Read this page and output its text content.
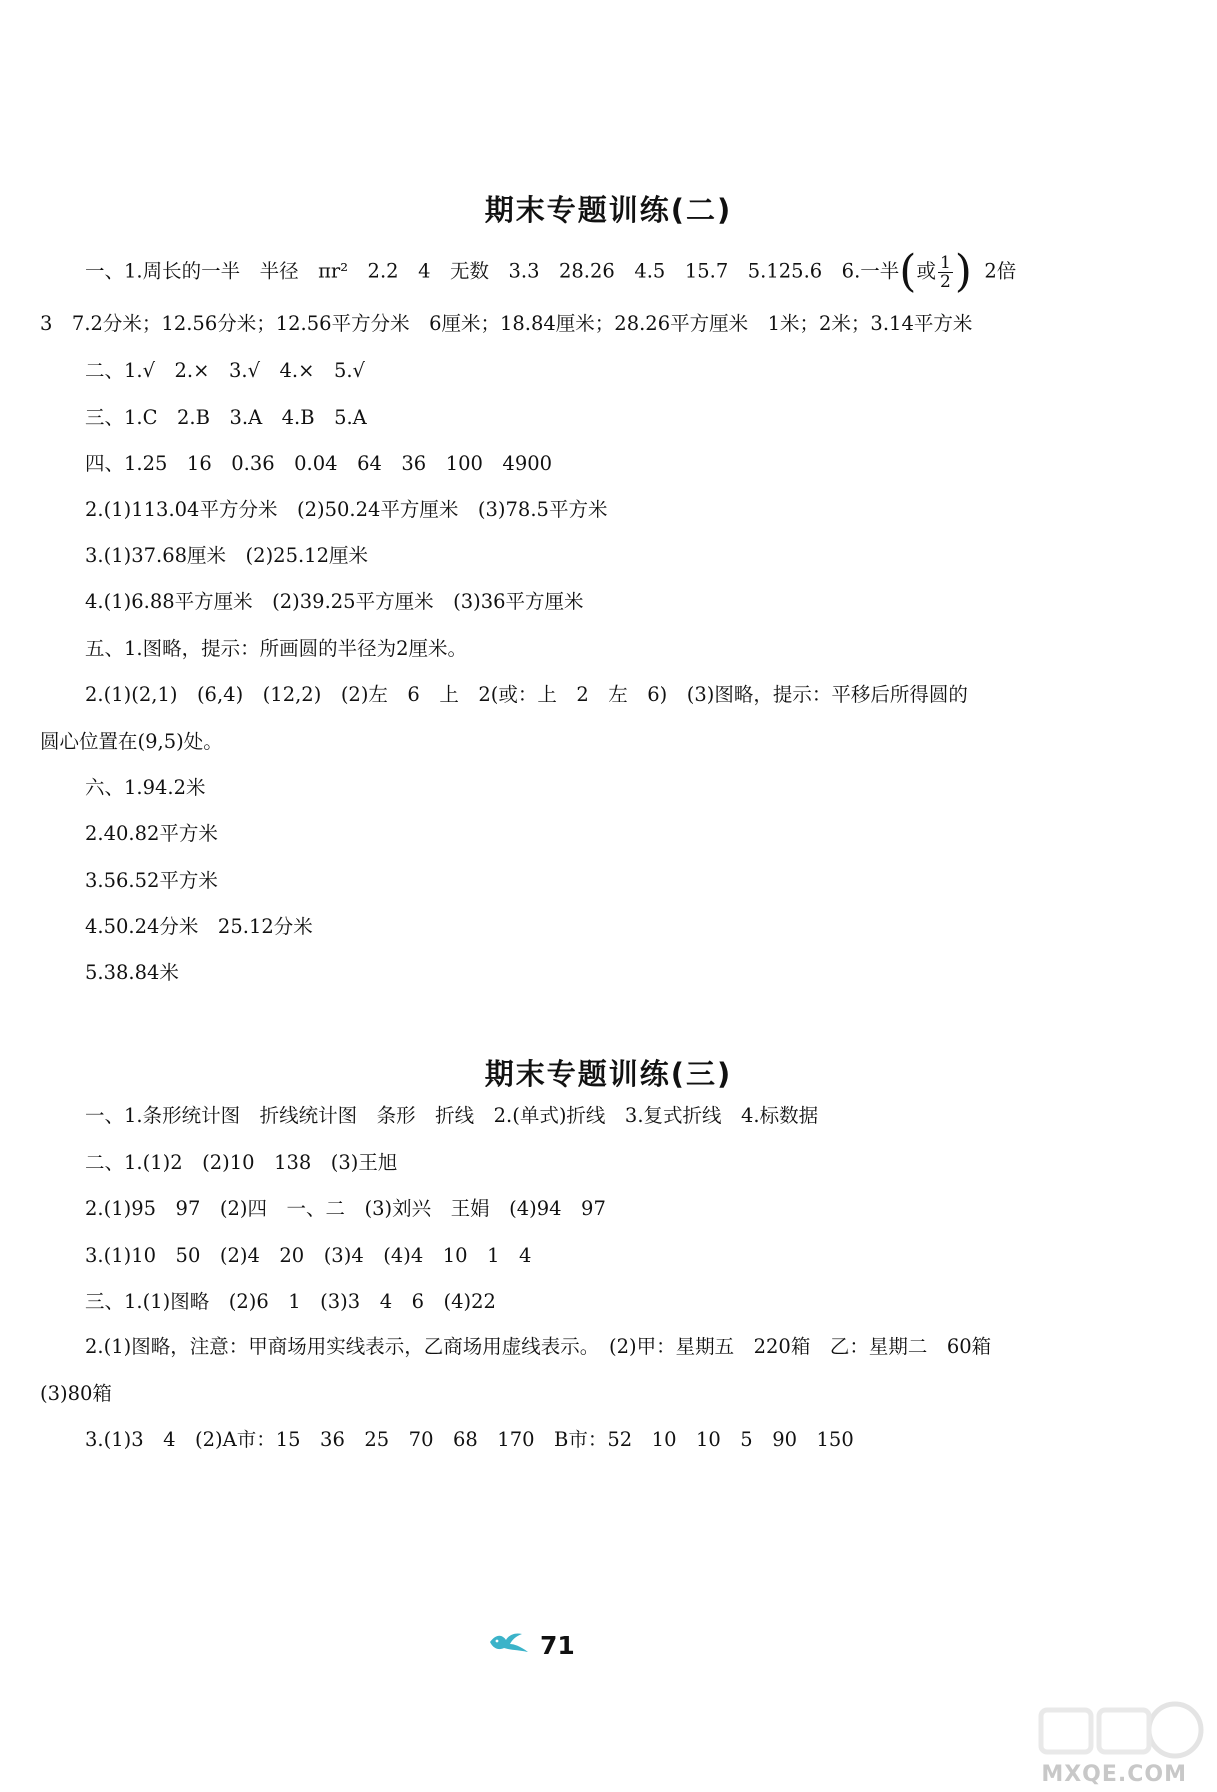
期末专题训练(二)
一、1.周长的一半　半径　πr²　2.2　4　无数　3.3　28.26　4.5　15.7　5.125.6　6.一半(或 $\frac{1}{2}$ ) 2倍
3　7.2分米；12.56分米；12.56平方分米　6厘米；18.84厘米；28.26平方厘米　1米；2米；3.14平方米
二、1.√　2.×　3.√　4.×　5.√
三、1.C　2.B　3.A　4.B　5.A
四、1.25　16　0.36　0.04　64　36　100　4900
2.(1)113.04平方分米　(2)50.24平方厘米　(3)78.5平方米
3.(1)37.68厘米　(2)25.12厘米
4.(1)6.88平方厘米　(2)39.25平方厘米　(3)36平方厘米
五、1.图略，提示：所画圆的半径为2厘米。
2.(1)(2,1)　(6,4)　(12,2)　(2)左　6　上　2(或：上　2　左　6)　(3)图略，提示：平移后所得圆的
圆心位置在(9,5)处。
六、1.94.2米
2.40.82平方米
3.56.52平方米
4.50.24分米　25.12分米
5.38.84米
期末专题训练(三)
一、1.条形统计图　折线统计图　条形　折线　2.(单式)折线　3.复式折线　4.标数据
二、1.(1)2　(2)10　138　(3)王旭
2.(1)95　97　(2)四　一、二　(3)刘兴　王娟　(4)94　97
3.(1)10　50　(2)4　20　(3)4　(4)4　10　1　4
三、1.(1)图略　(2)6　1　(3)3　4　6　(4)22
2.(1)图略，注意：甲商场用实线表示，乙商场用虚线表示。　(2)甲：星期五　220箱　乙：星期二　60箱
(3)80箱
3.(1)3　4　(2)A市：15　36　25　70　68　170　B市：52　10　10　5　90　150
71
MXQE.COM
